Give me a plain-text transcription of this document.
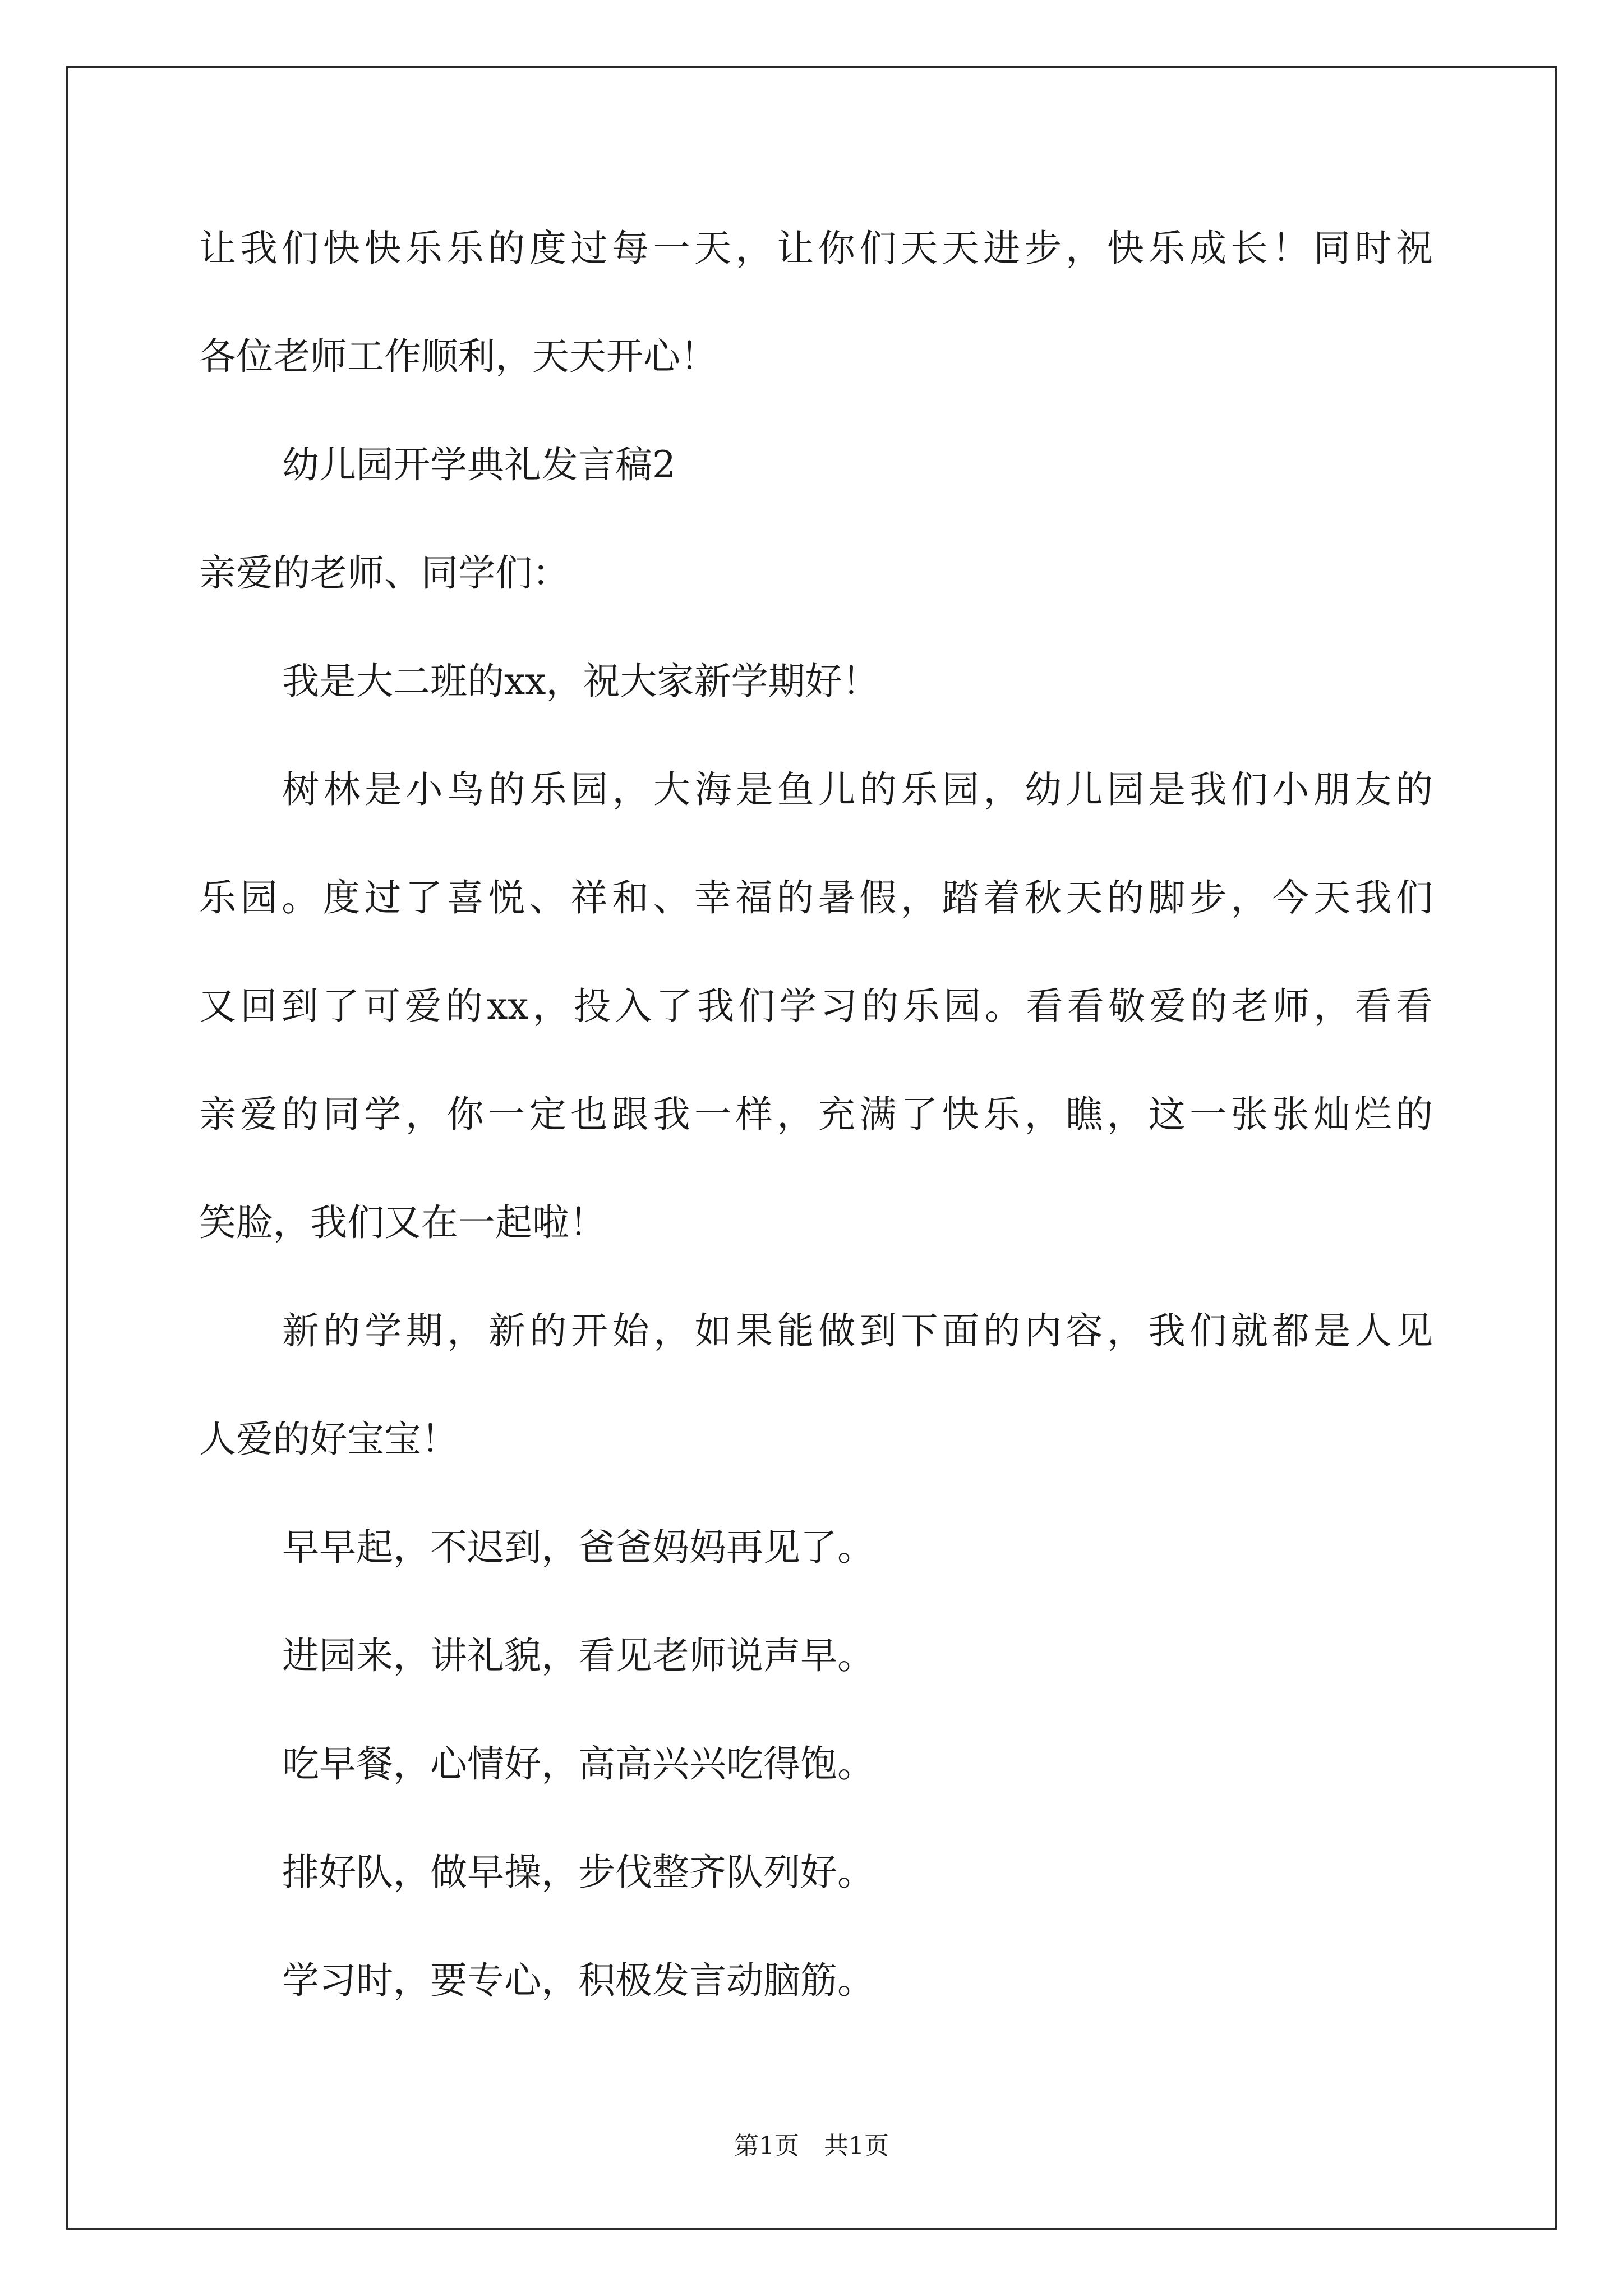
让我们快快乐乐的度过每一天，让你们天天进步，快乐成长！同时祝
各位老师工作顺利，天天开心！
幼儿园开学典礼发言稿2
亲爱的老师、同学们：
我是大二班的xx，祝大家新学期好！
树林是小鸟的乐园，大海是鱼儿的乐园，幼儿园是我们小朋友的
乐园。度过了喜悦、祥和、幸福的暑假，踏着秋天的脚步，今天我们
又回到了可爱的xx，投入了我们学习的乐园。看看敬爱的老师，看看
亲爱的同学，你一定也跟我一样，充满了快乐，瞧，这一张张灿烂的
笑脸，我们又在一起啦！
新的学期，新的开始，如果能做到下面的内容，我们就都是人见
人爱的好宝宝！
早早起，不迟到，爸爸妈妈再见了。
进园来，讲礼貌，看见老师说声早。
吃早餐，心情好，高高兴兴吃得饱。
排好队，做早操，步伐整齐队列好。
学习时，要专心，积极发言动脑筋。
第1页　共1页
